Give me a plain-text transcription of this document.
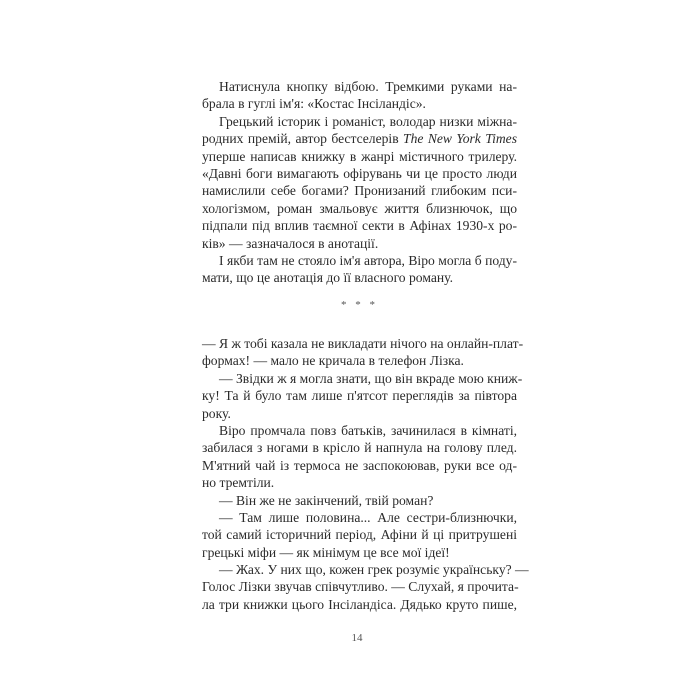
Натиснула кнопку відбою. Тремкими руками на-
брала в гуглі ім'я: «Костас Інсіландіс».
Грецький історик і романіст, володар низки міжна-
родних премій, автор бестселерів The New York Times
уперше написав книжку в жанрі містичного трилеру.
«Давні боги вимагають офірувань чи це просто люди
намислили себе богами? Пронизаний глибоким пси-
хологізмом, роман змальовує життя близнючок, що
підпали під вплив таємної секти в Афінах 1930-х ро-
ків» — зазначалося в анотації.
І якби там не стояло ім'я автора, Віро могла б поду-
мати, що це анотація до її власного роману.
* * *
— Я ж тобі казала не викладати нічого на онлайн-плат-
формах! — мало не кричала в телефон Лізка.
— Звідки ж я могла знати, що він вкраде мою книж-
ку! Та й було там лише п'ятсот переглядів за півтора
року.
Віро промчала повз батьків, зачинилася в кімнаті,
забилася з ногами в крісло й напнула на голову плед.
М'ятний чай із термоса не заспокоював, руки все од-
но тремтіли.
— Він же не закінчений, твій роман?
— Там лише половина... Але сестри-близнючки,
той самий історичний період, Афіни й ці притрушені
грецькі міфи — як мінімум це все мої ідеї!
— Жах. У них що, кожен грек розуміє українську? —
Голос Лізки звучав співчутливо. — Слухай, я прочита-
ла три книжки цього Інсіландіса. Дядько круто пише,
14
